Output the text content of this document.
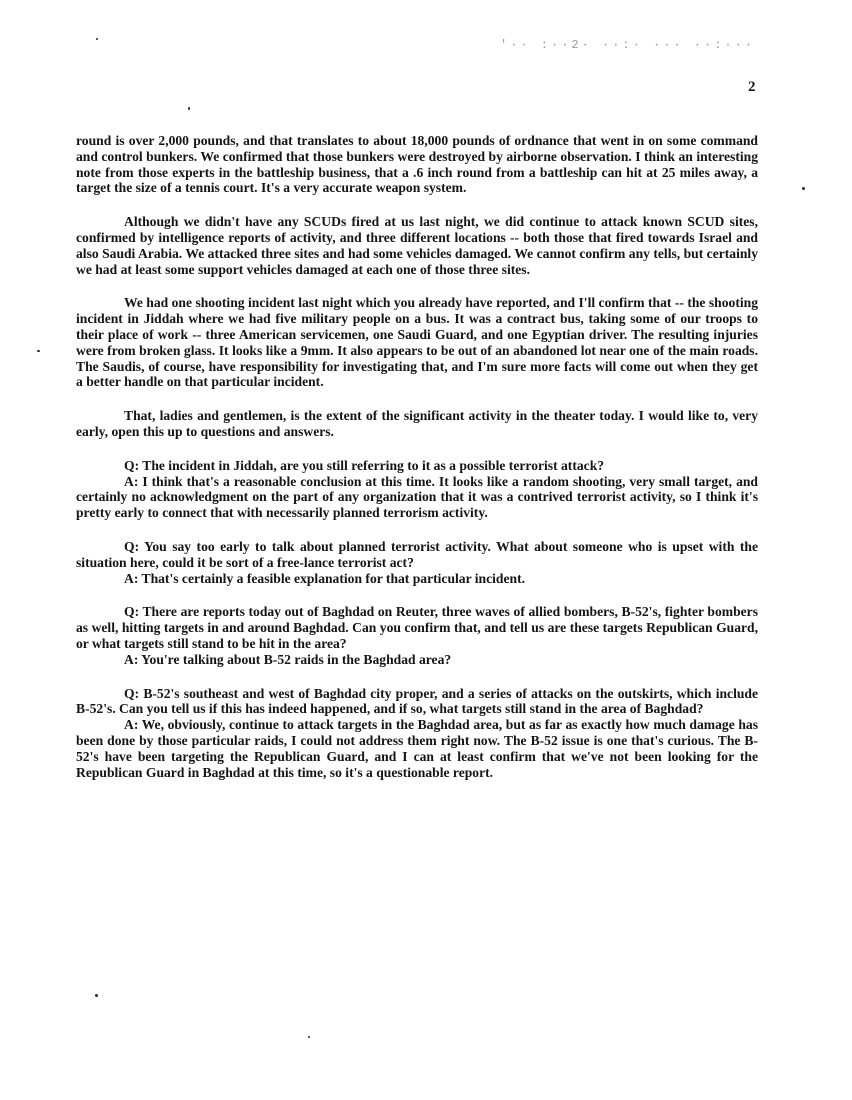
'·· :··2· ··:· ··· ··:···
2

round is over 2,000 pounds, and that translates to about 18,000 pounds of ordnance that went in on some command and control bunkers. We confirmed that those bunkers were destroyed by airborne observation. I think an interesting note from those experts in the battleship business, that a .6 inch round from a battleship can hit at 25 miles away, a target the size of a tennis court. It's a very accurate weapon system.

Although we didn't have any SCUDs fired at us last night, we did continue to attack known SCUD sites, confirmed by intelligence reports of activity, and three different locations -- both those that fired towards Israel and also Saudi Arabia. We attacked three sites and had some vehicles damaged. We cannot confirm any tells, but certainly we had at least some support vehicles damaged at each one of those three sites.

We had one shooting incident last night which you already have reported, and I'll confirm that -- the shooting incident in Jiddah where we had five military people on a bus. It was a contract bus, taking some of our troops to their place of work -- three American servicemen, one Saudi Guard, and one Egyptian driver. The resulting injuries were from broken glass. It looks like a 9mm. It also appears to be out of an abandoned lot near one of the main roads. The Saudis, of course, have responsibility for investigating that, and I'm sure more facts will come out when they get a better handle on that particular incident.

That, ladies and gentlemen, is the extent of the significant activity in the theater today. I would like to, very early, open this up to questions and answers.

Q: The incident in Jiddah, are you still referring to it as a possible terrorist attack?

A: I think that's a reasonable conclusion at this time. It looks like a random shooting, very small target, and certainly no acknowledgment on the part of any organization that it was a contrived terrorist activity, so I think it's pretty early to connect that with necessarily planned terrorism activity.

Q: You say too early to talk about planned terrorist activity. What about someone who is upset with the situation here, could it be sort of a free-lance terrorist act?

A: That's certainly a feasible explanation for that particular incident.

Q: There are reports today out of Baghdad on Reuter, three waves of allied bombers, B-52's, fighter bombers as well, hitting targets in and around Baghdad. Can you confirm that, and tell us are these targets Republican Guard, or what targets still stand to be hit in the area?

A: You're talking about B-52 raids in the Baghdad area?

Q: B-52's southeast and west of Baghdad city proper, and a series of attacks on the outskirts, which include B-52's. Can you tell us if this has indeed happened, and if so, what targets still stand in the area of Baghdad?

A: We, obviously, continue to attack targets in the Baghdad area, but as far as exactly how much damage has been done by those particular raids, I could not address them right now. The B-52 issue is one that's curious. The B-52's have been targeting the Republican Guard, and I can at least confirm that we've not been looking for the Republican Guard in Baghdad at this time, so it's a questionable report.
